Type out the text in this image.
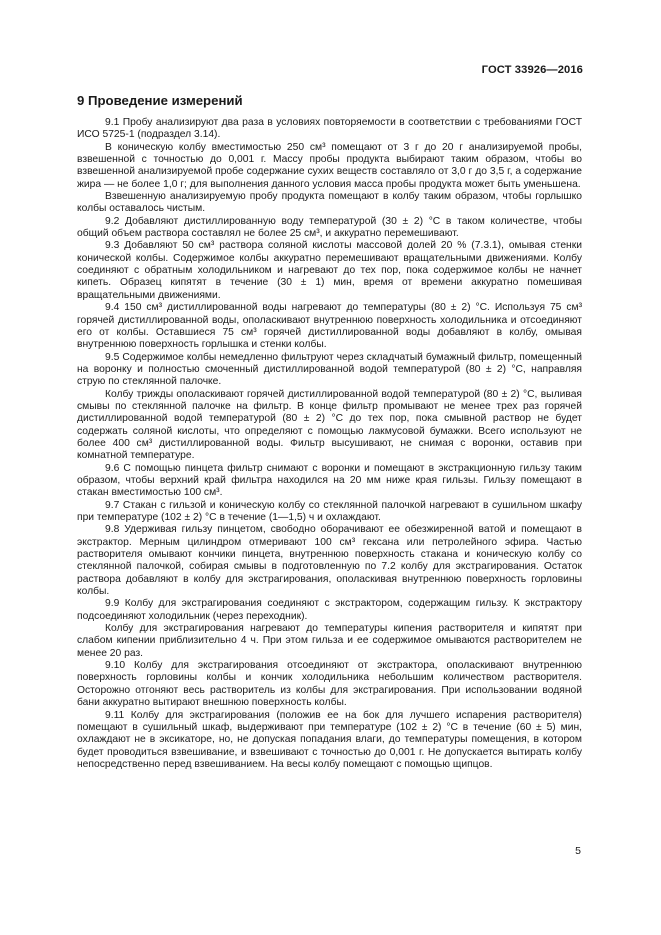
ГОСТ 33926—2016
9 Проведение измерений

9.1 Пробу анализируют два раза в условиях повторяемости в соответствии с требованиями ГОСТ ИСО 5725-1 (подраздел 3.14).

В коническую колбу вместимостью 250 см³ помещают от 3 г до 20 г анализируемой пробы, взвешенной с точностью до 0,001 г. Массу пробы продукта выбирают таким образом, чтобы во взвешенной анализируемой пробе содержание сухих веществ составляло от 3,0 г до 3,5 г, а содержание жира — не более 1,0 г; для выполнения данного условия масса пробы продукта может быть уменьшена.

Взвешенную анализируемую пробу продукта помещают в колбу таким образом, чтобы горлышко колбы оставалось чистым.

9.2 Добавляют дистиллированную воду температурой (30 ± 2) °С в таком количестве, чтобы общий объем раствора составлял не более 25 см³, и аккуратно перемешивают.

9.3 Добавляют 50 см³ раствора соляной кислоты массовой долей 20 % (7.3.1), омывая стенки конической колбы. Содержимое колбы аккуратно перемешивают вращательными движениями. Колбу соединяют с обратным холодильником и нагревают до тех пор, пока содержимое колбы не начнет кипеть. Образец кипятят в течение (30 ± 1) мин, время от времени аккуратно помешивая вращательными движениями.

9.4 150 см³ дистиллированной воды нагревают до температуры (80 ± 2) °С. Используя 75 см³ горячей дистиллированной воды, ополаскивают внутреннюю поверхность холодильника и отсоединяют его от колбы. Оставшиеся 75 см³ горячей дистиллированной воды добавляют в колбу, омывая внутреннюю поверхность горлышка и стенки колбы.

9.5 Содержимое колбы немедленно фильтруют через складчатый бумажный фильтр, помещенный на воронку и полностью смоченный дистиллированной водой температурой (80 ± 2) °С, направляя струю по стеклянной палочке.

Колбу трижды ополаскивают горячей дистиллированной водой температурой (80 ± 2) °С, выливая смывы по стеклянной палочке на фильтр. В конце фильтр промывают не менее трех раз горячей дистиллированной водой температурой (80 ± 2) °С до тех пор, пока смывной раствор не будет содержать соляной кислоты, что определяют с помощью лакмусовой бумажки. Всего используют не более 400 см³ дистиллированной воды. Фильтр высушивают, не снимая с воронки, оставив при комнатной температуре.

9.6 С помощью пинцета фильтр снимают с воронки и помещают в экстракционную гильзу таким образом, чтобы верхний край фильтра находился на 20 мм ниже края гильзы. Гильзу помещают в стакан вместимостью 100 см³.

9.7 Стакан с гильзой и коническую колбу со стеклянной палочкой нагревают в сушильном шкафу при температуре (102 ± 2) °С в течение (1—1,5) ч и охлаждают.

9.8 Удерживая гильзу пинцетом, свободно оборачивают ее обезжиренной ватой и помещают в экстрактор. Мерным цилиндром отмеривают 100 см³ гексана или петролейного эфира. Частью растворителя омывают кончики пинцета, внутреннюю поверхность стакана и коническую колбу со стеклянной палочкой, собирая смывы в подготовленную по 7.2 колбу для экстрагирования. Остаток раствора добавляют в колбу для экстрагирования, ополаскивая внутреннюю поверхность горловины колбы.

9.9 Колбу для экстрагирования соединяют с экстрактором, содержащим гильзу. К экстрактору подсоединяют холодильник (через переходник).

Колбу для экстрагирования нагревают до температуры кипения растворителя и кипятят при слабом кипении приблизительно 4 ч. При этом гильза и ее содержимое омываются растворителем не менее 20 раз.

9.10 Колбу для экстрагирования отсоединяют от экстрактора, ополаскивают внутреннюю поверхность горловины колбы и кончик холодильника небольшим количеством растворителя. Осторожно отгоняют весь растворитель из колбы для экстрагирования. При использовании водяной бани аккуратно вытирают внешнюю поверхность колбы.

9.11 Колбу для экстрагирования (положив ее на бок для лучшего испарения растворителя) помещают в сушильный шкаф, выдерживают при температуре (102 ± 2) °С в течение (60 ± 5) мин, охлаждают не в эксикаторе, но, не допуская попадания влаги, до температуры помещения, в котором будет проводиться взвешивание, и взвешивают с точностью до 0,001 г. Не допускается вытирать колбу непосредственно перед взвешиванием. На весы колбу помещают с помощью щипцов.

5
